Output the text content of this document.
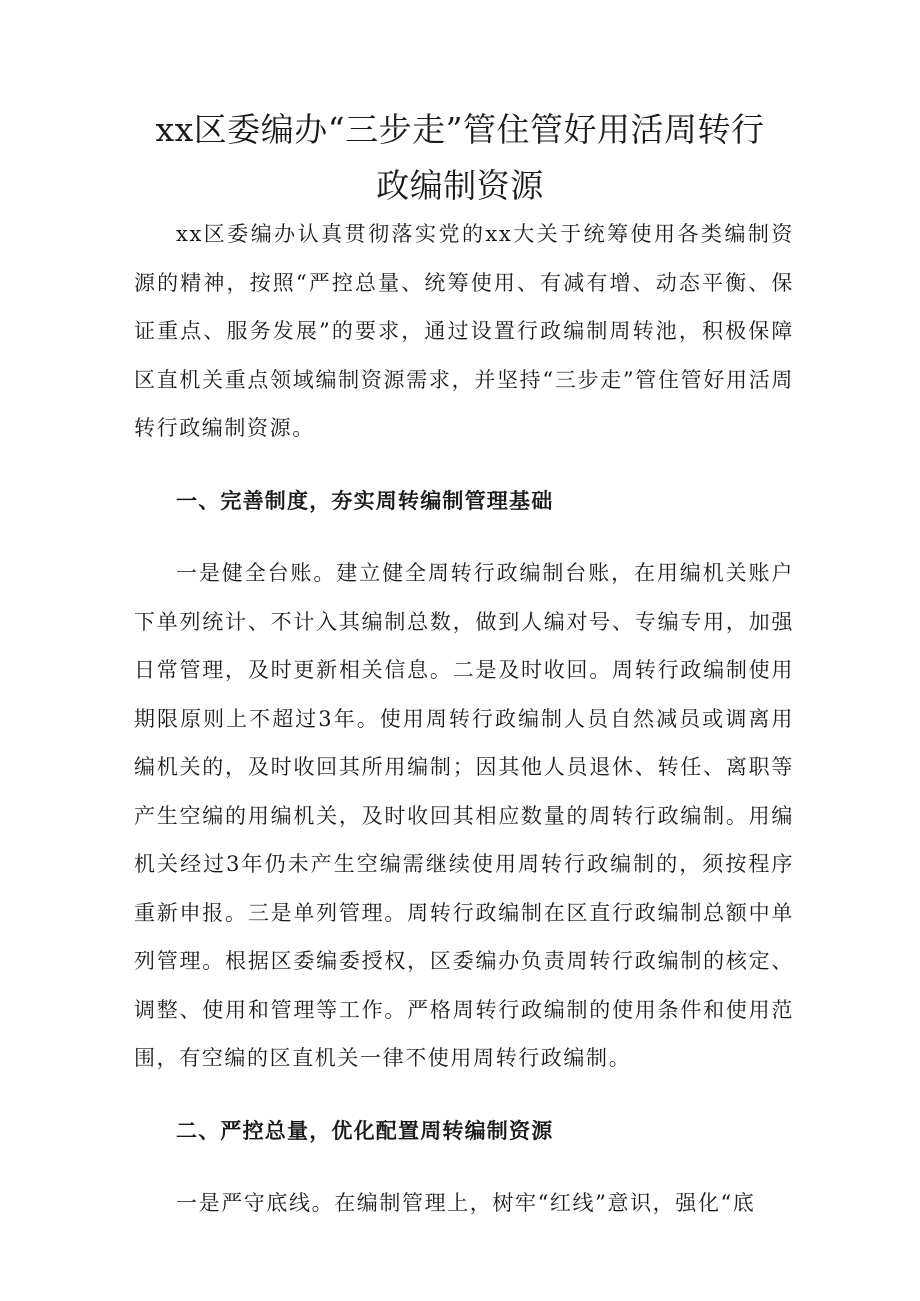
xx区委编办“三步走”管住管好用活周转行
政编制资源

xx区委编办认真贯彻落实党的xx大关于统筹使用各类编制资源的精神，按照“严控总量、统筹使用、有减有增、动态平衡、保证重点、服务发展”的要求，通过设置行政编制周转池，积极保障区直机关重点领域编制资源需求，并坚持“三步走”管住管好用活周转行政编制资源。

一、完善制度，夯实周转编制管理基础

一是健全台账。建立健全周转行政编制台账，在用编机关账户下单列统计、不计入其编制总数，做到人编对号、专编专用，加强日常管理，及时更新相关信息。二是及时收回。周转行政编制使用期限原则上不超过3年。使用周转行政编制人员自然减员或调离用编机关的，及时收回其所用编制；因其他人员退休、转任、离职等产生空编的用编机关，及时收回其相应数量的周转行政编制。用编机关经过3年仍未产生空编需继续使用周转行政编制的，须按程序重新申报。三是单列管理。周转行政编制在区直行政编制总额中单列管理。根据区委编委授权，区委编办负责周转行政编制的核定、调整、使用和管理等工作。严格周转行政编制的使用条件和使用范围，有空编的区直机关一律不使用周转行政编制。

二、严控总量，优化配置周转编制资源

一是严守底线。在编制管理上，树牢“红线”意识，强化“底
